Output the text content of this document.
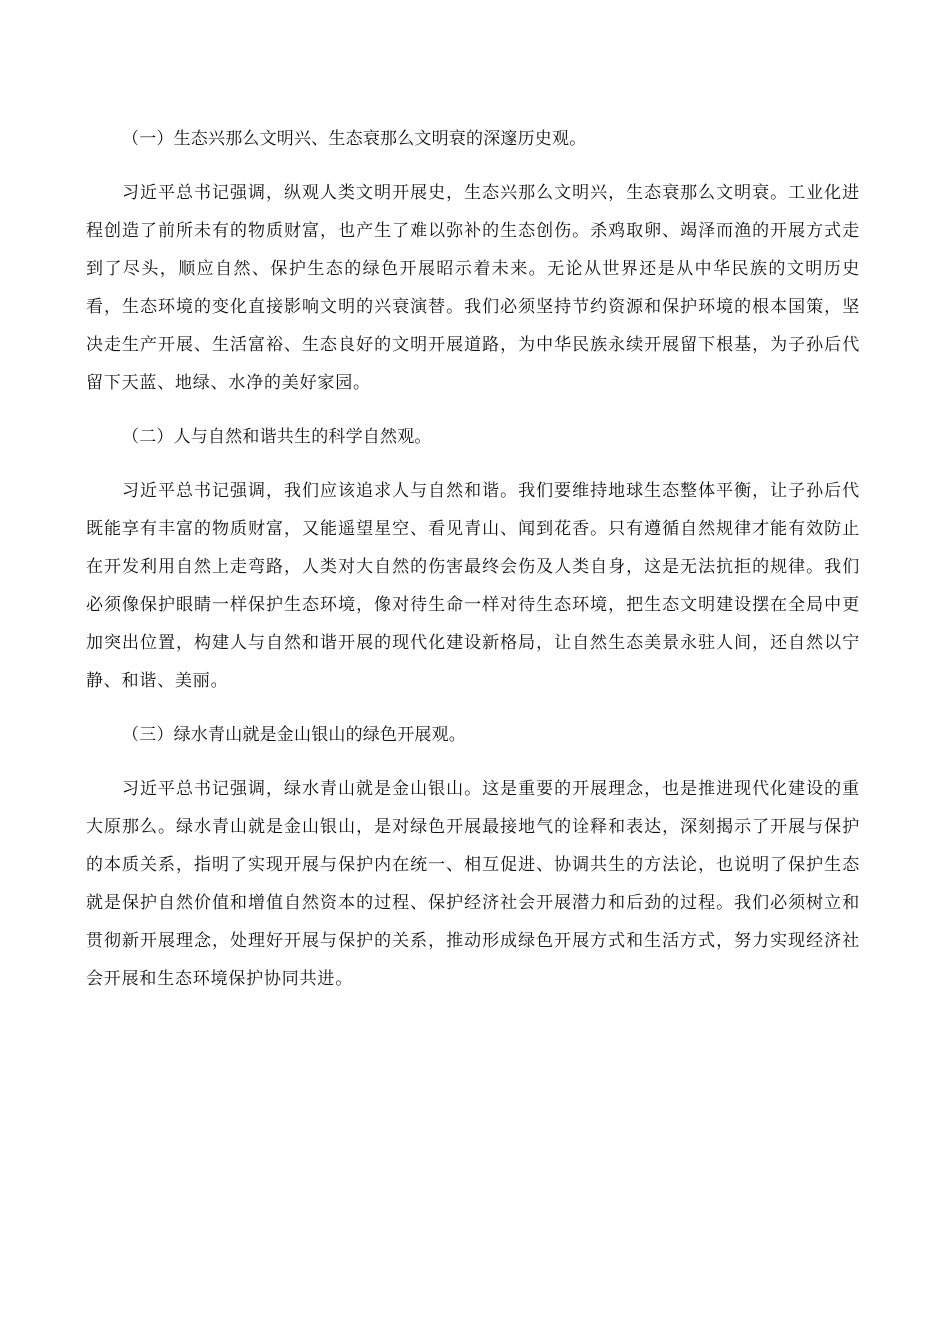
（一）生态兴那么文明兴、生态衰那么文明衰的深邃历史观。
习近平总书记强调，纵观人类文明开展史，生态兴那么文明兴，生态衰那么文明衰。工业化进程创造了前所未有的物质财富，也产生了难以弥补的生态创伤。杀鸡取卵、竭泽而渔的开展方式走到了尽头，顺应自然、保护生态的绿色开展昭示着未来。无论从世界还是从中华民族的文明历史看，生态环境的变化直接影响文明的兴衰演替。我们必须坚持节约资源和保护环境的根本国策，坚决走生产开展、生活富裕、生态良好的文明开展道路，为中华民族永续开展留下根基，为子孙后代留下天蓝、地绿、水净的美好家园。
（二）人与自然和谐共生的科学自然观。
习近平总书记强调，我们应该追求人与自然和谐。我们要维持地球生态整体平衡，让子孙后代既能享有丰富的物质财富，又能遥望星空、看见青山、闻到花香。只有遵循自然规律才能有效防止在开发利用自然上走弯路，人类对大自然的伤害最终会伤及人类自身，这是无法抗拒的规律。我们必须像保护眼睛一样保护生态环境，像对待生命一样对待生态环境，把生态文明建设摆在全局中更加突出位置，构建人与自然和谐开展的现代化建设新格局，让自然生态美景永驻人间，还自然以宁静、和谐、美丽。
（三）绿水青山就是金山银山的绿色开展观。
习近平总书记强调，绿水青山就是金山银山。这是重要的开展理念，也是推进现代化建设的重大原那么。绿水青山就是金山银山，是对绿色开展最接地气的诠释和表达，深刻揭示了开展与保护的本质关系，指明了实现开展与保护内在统一、相互促进、协调共生的方法论，也说明了保护生态就是保护自然价值和增值自然资本的过程、保护经济社会开展潜力和后劲的过程。我们必须树立和贯彻新开展理念，处理好开展与保护的关系，推动形成绿色开展方式和生活方式，努力实现经济社会开展和生态环境保护协同共进。
